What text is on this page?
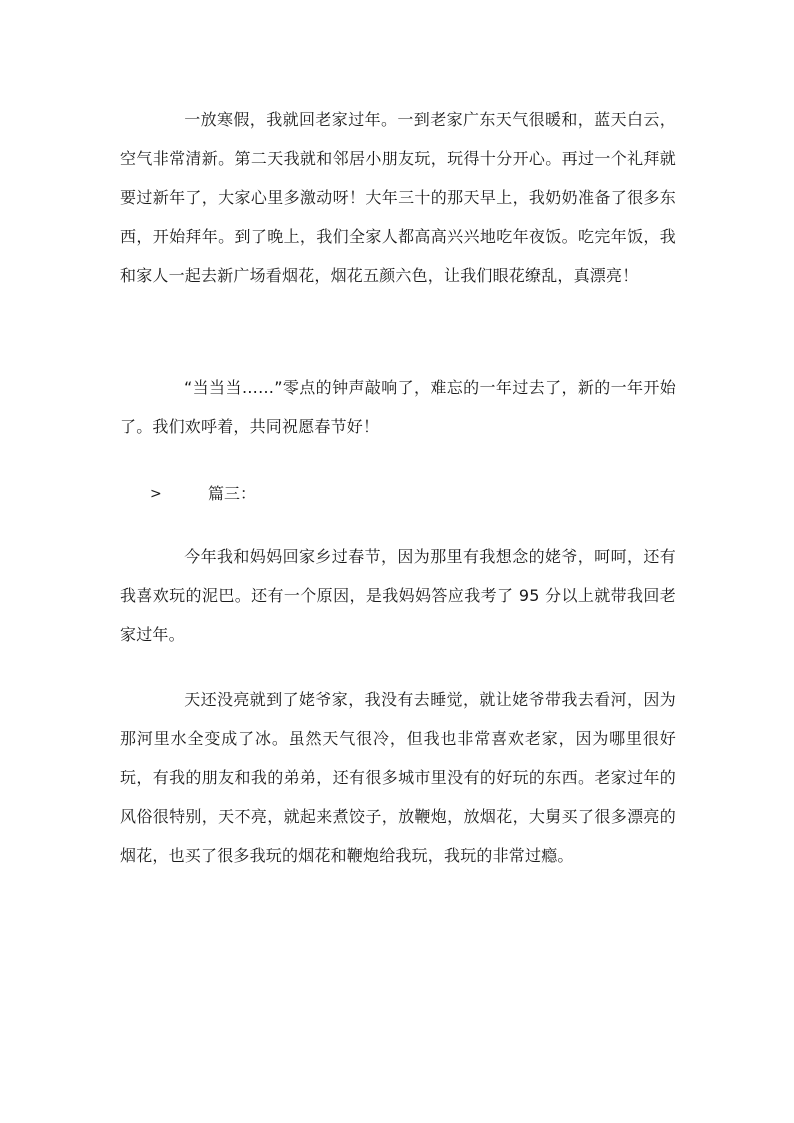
一放寒假，我就回老家过年。一到老家广东天气很暖和，蓝天白云，空气非常清新。第二天我就和邻居小朋友玩，玩得十分开心。再过一个礼拜就要过新年了，大家心里多激动呀！大年三十的那天早上，我奶奶准备了很多东西，开始拜年。到了晚上，我们全家人都高高兴兴地吃年夜饭。吃完年饭，我和家人一起去新广场看烟花，烟花五颜六色，让我们眼花缭乱，真漂亮！

“当当当……”零点的钟声敲响了，难忘的一年过去了，新的一年开始了。我们欢呼着，共同祝愿春节好！

>	篇三：

今年我和妈妈回家乡过春节，因为那里有我想念的姥爷，呵呵，还有我喜欢玩的泥巴。还有一个原因，是我妈妈答应我考了 95 分以上就带我回老家过年。

天还没亮就到了姥爷家，我没有去睡觉，就让姥爷带我去看河，因为那河里水全变成了冰。虽然天气很冷，但我也非常喜欢老家，因为哪里很好玩，有我的朋友和我的弟弟，还有很多城市里没有的好玩的东西。老家过年的风俗很特别，天不亮，就起来煮饺子，放鞭炮，放烟花，大舅买了很多漂亮的烟花，也买了很多我玩的烟花和鞭炮给我玩，我玩的非常过瘾。
